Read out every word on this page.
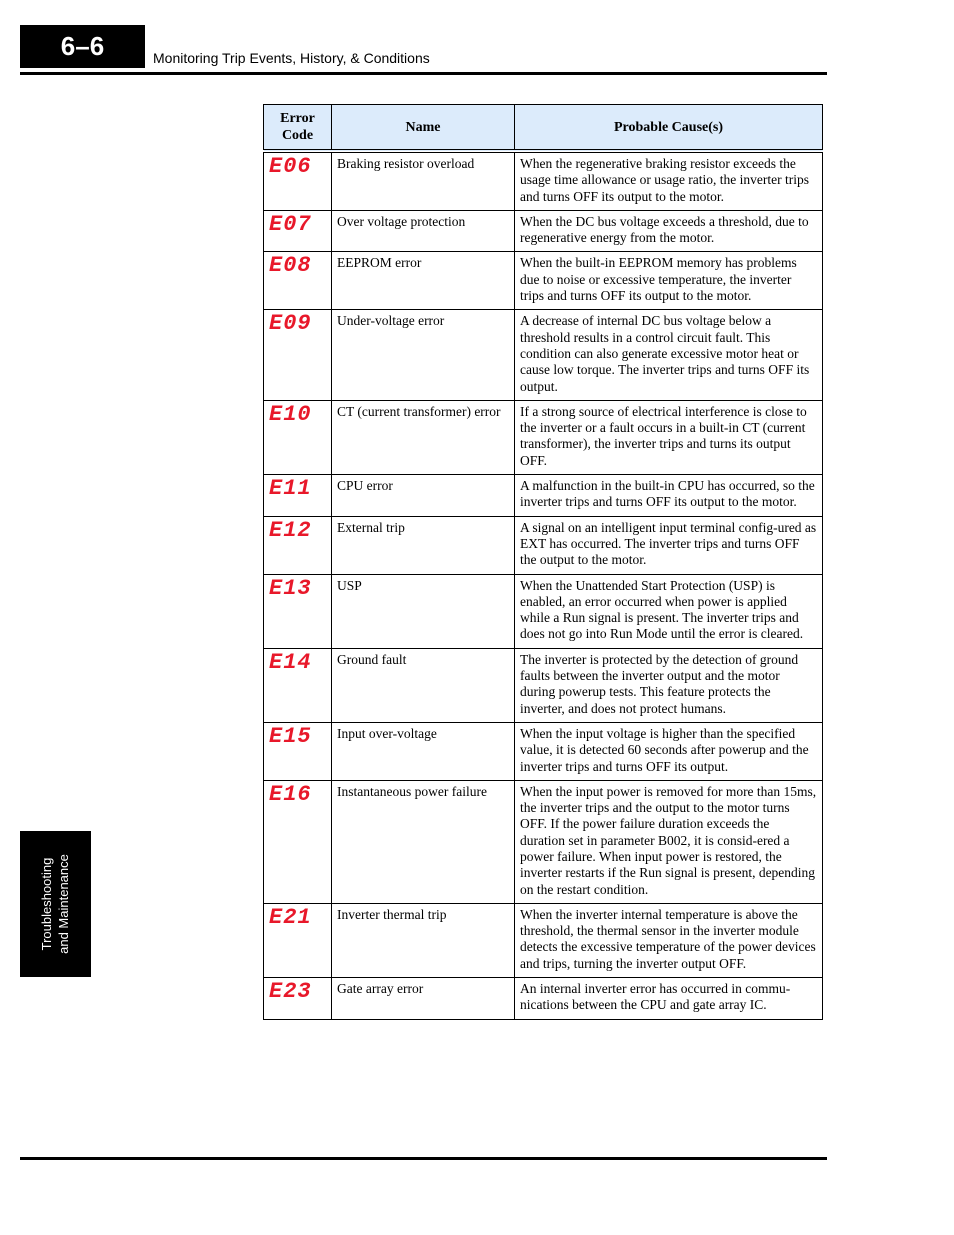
6–6	Monitoring Trip Events, History, & Conditions
Troubleshooting and Maintenance
Error
Code	Name	Probable Cause(s)
E06	Braking resistor overload	When the regenerative braking resistor exceeds the usage time allowance or usage ratio, the inverter trips and turns OFF its output to the motor.
E07	Over voltage protection	When the DC bus voltage exceeds a threshold, due to regenerative energy from the motor.
E08	EEPROM error	When the built-in EEPROM memory has problems due to noise or excessive temperature, the inverter trips and turns OFF its output to the motor.
E09	Under-voltage error	A decrease of internal DC bus voltage below a threshold results in a control circuit fault. This condition can also generate excessive motor heat or cause low torque. The inverter trips and turns OFF its output.
E10	CT (current transformer) error	If a strong source of electrical interference is close to the inverter or a fault occurs in a built-in CT (current transformer), the inverter trips and turns its output OFF.
E11	CPU error	A malfunction in the built-in CPU has occurred, so the inverter trips and turns OFF its output to the motor.
E12	External trip	A signal on an intelligent input terminal config-ured as EXT has occurred. The inverter trips and turns OFF the output to the motor.
E13	USP	When the Unattended Start Protection (USP) is enabled, an error occurred when power is applied while a Run signal is present. The inverter trips and does not go into Run Mode until the error is cleared.
E14	Ground fault	The inverter is protected by the detection of ground faults between the inverter output and the motor during powerup tests. This feature protects the inverter, and does not protect humans.
E15	Input over-voltage	When the input voltage is higher than the specified value, it is detected 60 seconds after powerup and the inverter trips and turns OFF its output.
E16	Instantaneous power failure	When the input power is removed for more than 15ms, the inverter trips and the output to the motor turns OFF. If the power failure duration exceeds the duration set in parameter B002, it is consid-ered a power failure. When input power is restored, the inverter restarts if the Run signal is present, depending on the restart condition.
E21	Inverter thermal trip	When the inverter internal temperature is above the threshold, the thermal sensor in the inverter module detects the excessive temperature of the power devices and trips, turning the inverter output OFF.
E23	Gate array error	An internal inverter error has occurred in commu-nications between the CPU and gate array IC.
